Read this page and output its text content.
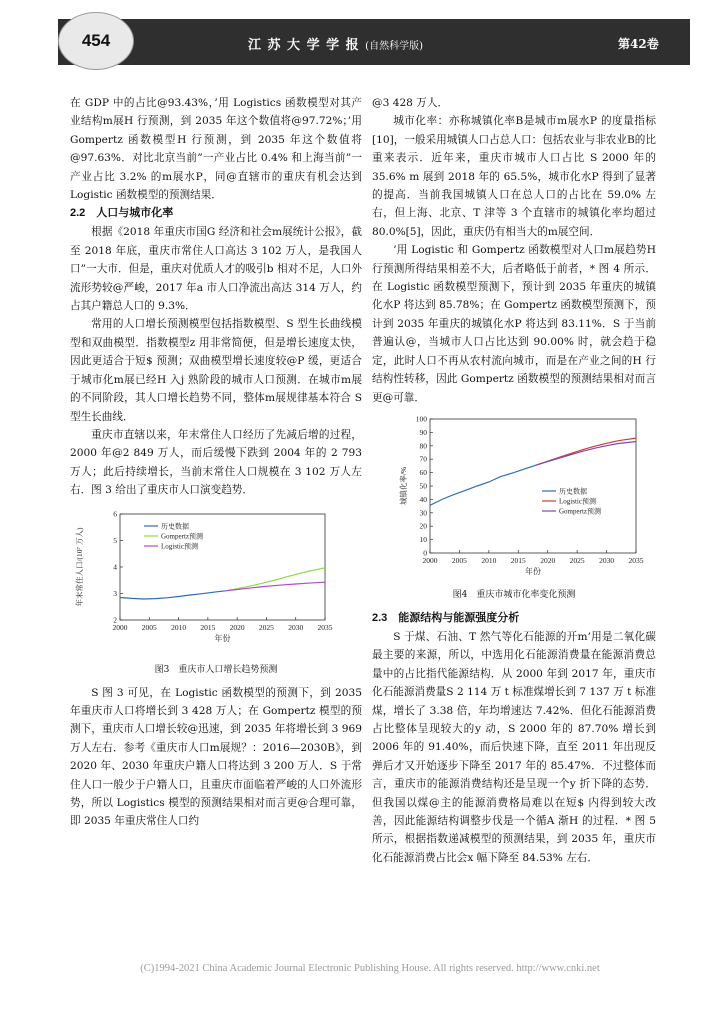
454	江 苏 大 学 学 报 (自然科学版)	第42卷

在 GDP 中的占比@93.43%，’用 Logistics 函数模型对其产业结构m展H 行预测，到 2035 年这个数值将@97.72%；’用 Gompertz 函数模型H 行预测，到 2035 年这个数值将@97.63%．对比北京当前”一产业占比 0.4% 和上海当前”一产业占比 3.2% 的m展水P，同@直辖市的重庆有机会达到 Logistic 函数模型的预测结果．

2.2　人口与城市化率

根据《2018 年重庆市国G 经济和社会m展统计公报》，截至 2018 年底，重庆市常住人口高达 3 102 万人，是我国人口”一大市．但是，重庆对优质人才的吸引b 相对不足，人口外流形势较@严峻，2017 年a 市人口净流出高达 314 万人，约占其户籍总人口的 9.3%．

常用的人口增长预测模型包括指数模型、S 型生长曲线模型和双曲模型．指数模型z 用非常简便，但是增长速度太快，因此更适合于短$ 预测；双曲模型增长速度较@P 缓，更适合于城市化m展已经H 入j 熟阶段的城市人口预测．在城市m展的不同阶段，其人口增长趋势不同，整体m展规律基本符合 S 型生长曲线．

重庆市直辖以来，年末常住人口经历了先减后增的过程，2000 年@2 849 万人，而后缓慢下跌到 2004 年的 2 793 万人；此后持续增长，当前末常住人口规模在 3 102 万人左右．图 3 给出了重庆市人口演变趋势．

2000 2005 2010 2015 2020 2025 2030 2035
2
3
4
5
6
年份
年末常住人口/(10⁷ 万人)
历史数据
Gompertz预测
Logistic预测
图3　重庆市人口增长趋势预测

S 图 3 可见，在 Logistic 函数模型的预测下，到 2035 年重庆市人口将增长到 3 428 万人；在 Gompertz 模型的预测下，重庆市人口增长较@迅速，到 2035 年将增长到 3 969 万人左右．参考《重庆市人口m展规？：2016—2030B》，到 2020 年、2030 年重庆户籍人口将达到 3 200 万人．S 于常住人口一般少于户籍人口，且重庆市面临着严峻的人口外流形势，所以 Logistics 模型的预测结果相对而言更@合理可靠，即 2035 年重庆常住人口约

@3 428 万人．

城市化率：亦称城镇化率B是城市m展水P 的度量指标[10]，一般采用城镇人口占总人口：包括农业与非农业B的比重来表示．近年来，重庆市城市人口占比 S 2000 年的 35.6% m 展到 2018 年的 65.5%，城市化水P 得到了显著的提高．当前我国城镇人口在总人口的占比在 59.0% 左右，但上海、北京、T 津等 3 个直辖市的城镇化率均超过 80.0%[5]，因此，重庆仍有相当大的m展空间．

’用 Logistic 和 Gompertz 函数模型对人口m展趋势H 行预测所得结果相差不大，后者略低于前者，* 图 4 所示．在 Logistic 函数模型预测下，预计到 2035 年重庆的城镇化水P 将达到 85.78%；在 Gompertz 函数模型预测下，预计到 2035 年重庆的城镇化水P 将达到 83.11%．S 于当前普遍认@，当城市人口占比达到 90.00% 时，就会趋于稳定，此时人口不再从农村流向城市，而是在产业之间的H 行结构性转移，因此 Gompertz 函数模型的预测结果相对而言更@可靠．

2000 2005 2010 2015 2020 2025 2030 2035
0
10
20
30
40
50
60
70
80
90
100
年份
城镇化率/%	历史数据
Logistic预测
Gompertz预测
图4　重庆市城市化率变化预测
2.3　能源结构与能源强度分析

S 于煤、石油、T 然气等化石能源的开m’用是二氧化碳最主要的来源，所以，中选用化石能源消费量在能源消费总量中的占比指代能源结构．从 2000 年到 2017 年，重庆市化石能源消费量S 2 114 万 t 标准煤增长到 7 137 万 t 标准煤，增长了 3.38 倍，年均增速达 7.42%．但化石能源消费占比整体呈现较大的y 动，S 2000 年的 87.70% 增长到 2006 年的 91.40%，而后快速下降，直至 2011 年出现反弹后才又开始逐步下降至 2017 年的 85.47%．不过整体而言，重庆市的能源消费结构还是呈现一个y 折下降的态势．但我国以煤@主的能源消费格局难以在短$ 内得到较大改善，因此能源结构调整步伐是一个循A 渐H 的过程．* 图 5 所示，根据指数递减模型的预测结果，到 2035 年，重庆市化石能源消费占比会x 幅下降至 84.53% 左右．

(C)1994-2021 China Academic Journal Electronic Publishing House. All rights reserved. http://www.cnki.net
